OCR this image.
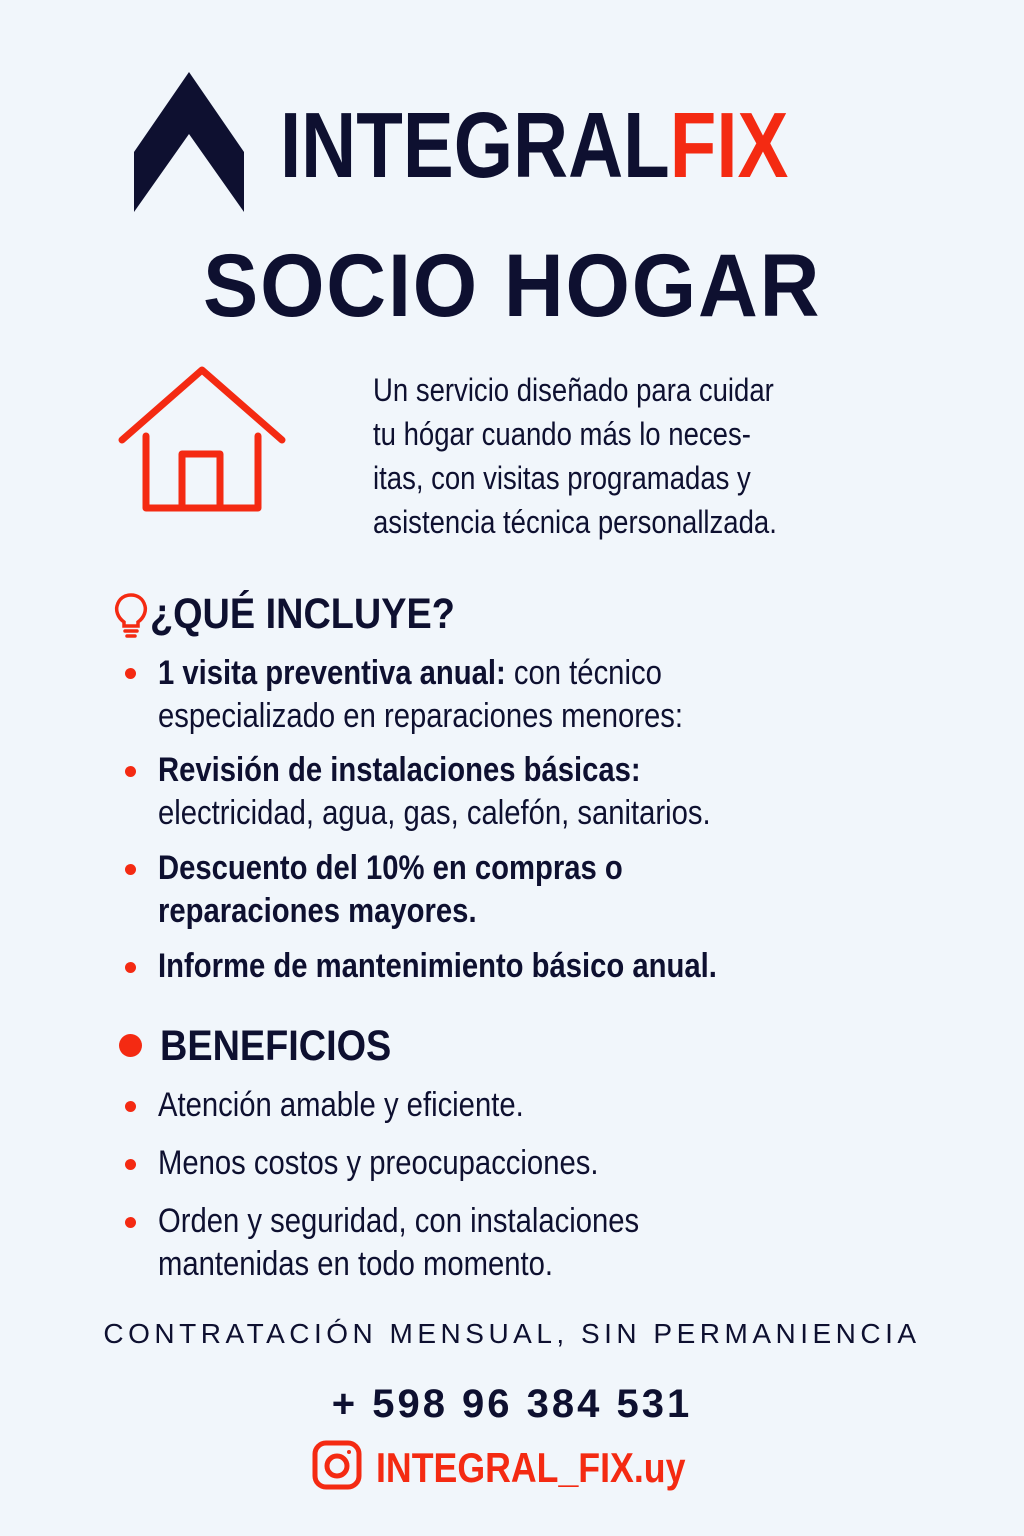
INTEGRALFIX
SOCIO HOGAR
Un servicio diseñado para cuidar
tu hógar cuando más lo neces-
itas, con visitas programadas y
asistencia técnica personallzada.
¿QUÉ INCLUYE?
1 visita preventiva anual: con técnico
especializado en reparaciones menores:
Revisión de instalaciones básicas:
electricidad, agua, gas, calefón, sanitarios.
Descuento del 10% en compras o
reparaciones mayores.
Informe de mantenimiento básico anual.
BENEFICIOS
Atención amable y eficiente.
Menos costos y preocupacciones.
Orden y seguridad, con instalaciones
mantenidas en todo momento.
CONTRATACIÓN MENSUAL, SIN PERMANIENCIA
+ 598 96 384 531
INTEGRAL_FIX.uy
